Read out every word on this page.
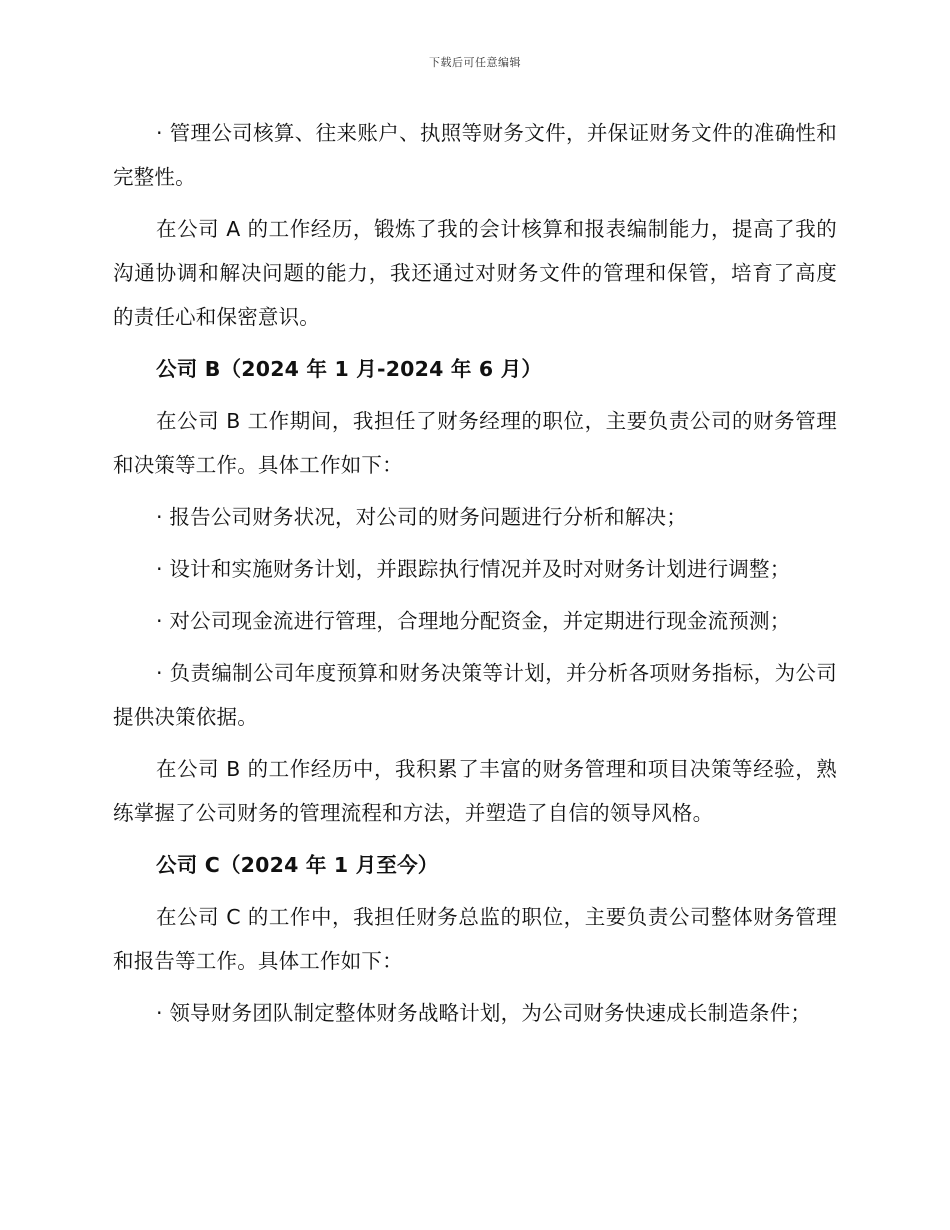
下载后可任意编辑

· 管理公司核算、往来账户、执照等财务文件，并保证财务文件的准确性和完整性。

在公司 A 的工作经历，锻炼了我的会计核算和报表编制能力，提高了我的沟通协调和解决问题的能力，我还通过对财务文件的管理和保管，培育了高度的责任心和保密意识。

公司 B（2024 年 1 月-2024 年 6 月）

在公司 B 工作期间，我担任了财务经理的职位，主要负责公司的财务管理和决策等工作。具体工作如下：

· 报告公司财务状况，对公司的财务问题进行分析和解决；

· 设计和实施财务计划，并跟踪执行情况并及时对财务计划进行调整；

· 对公司现金流进行管理，合理地分配资金，并定期进行现金流预测；

· 负责编制公司年度预算和财务决策等计划，并分析各项财务指标，为公司提供决策依据。

在公司 B 的工作经历中，我积累了丰富的财务管理和项目决策等经验，熟练掌握了公司财务的管理流程和方法，并塑造了自信的领导风格。

公司 C（2024 年 1 月至今）

在公司 C 的工作中，我担任财务总监的职位，主要负责公司整体财务管理和报告等工作。具体工作如下：

· 领导财务团队制定整体财务战略计划，为公司财务快速成长制造条件；
